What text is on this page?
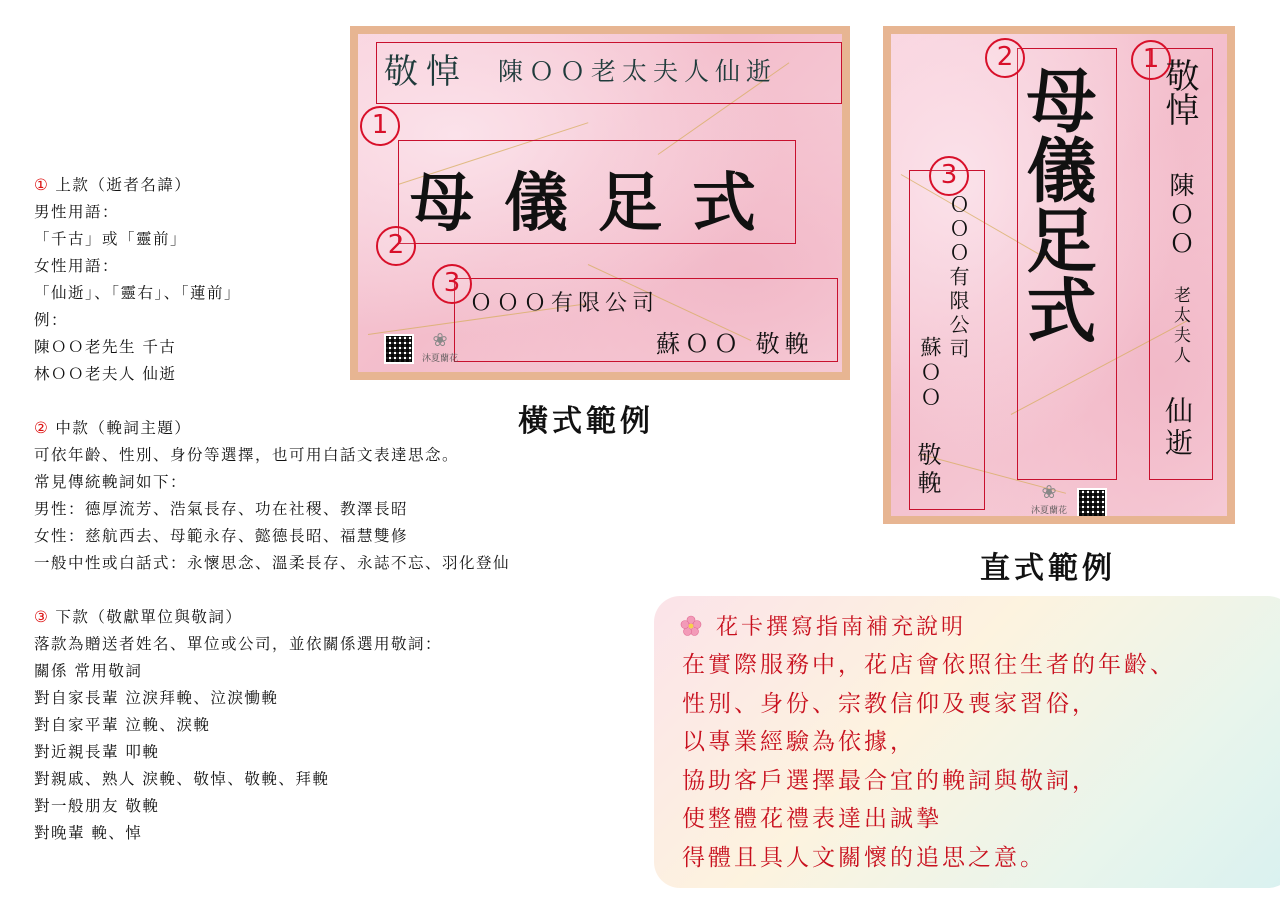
① 上款（逝者名諱）
男性用語：
「千古」或「靈前」
女性用語：
「仙逝」、「靈右」、「蓮前」
例：
陳ＯＯ老先生 千古
林ＯＯ老夫人 仙逝
② 中款（輓詞主題）
可依年齡、性別、身份等選擇，也可用白話文表達思念。
常見傳統輓詞如下：
男性：德厚流芳、浩氣長存、功在社稷、教澤長昭
女性：慈航西去、母範永存、懿德長昭、福慧雙修
一般中性或白話式：永懷思念、溫柔長存、永誌不忘、羽化登仙
③ 下款（敬獻單位與敬詞）
落款為贈送者姓名、單位或公司，並依關係選用敬詞：
關係 常用敬詞
對自家長輩 泣淚拜輓、泣淚慟輓
對自家平輩 泣輓、淚輓
對近親長輩 叩輓
對親戚、熟人 淚輓、敬悼、敬輓、拜輓
對一般朋友 敬輓
對晚輩 輓、悼
敬悼 陳ＯＯ老太夫人仙逝
1
母儀足式
2
3
ＯＯＯ有限公司
蘇ＯＯ 敬輓
❀
沐夏蘭花
橫式範例
1 敬悼
陳ＯＯ
老太夫人
仙逝
2
母儀足式
3
ＯＯＯ有限公司
蘇ＯＯ
敬輓	❀
沐夏蘭花
直式範例
花卡撰寫指南補充說明
在實際服務中，花店會依照往生者的年齡、
性別、身份、宗教信仰及喪家習俗，
以專業經驗為依據，
協助客戶選擇最合宜的輓詞與敬詞，
使整體花禮表達出誠摯
得體且具人文關懷的追思之意。
